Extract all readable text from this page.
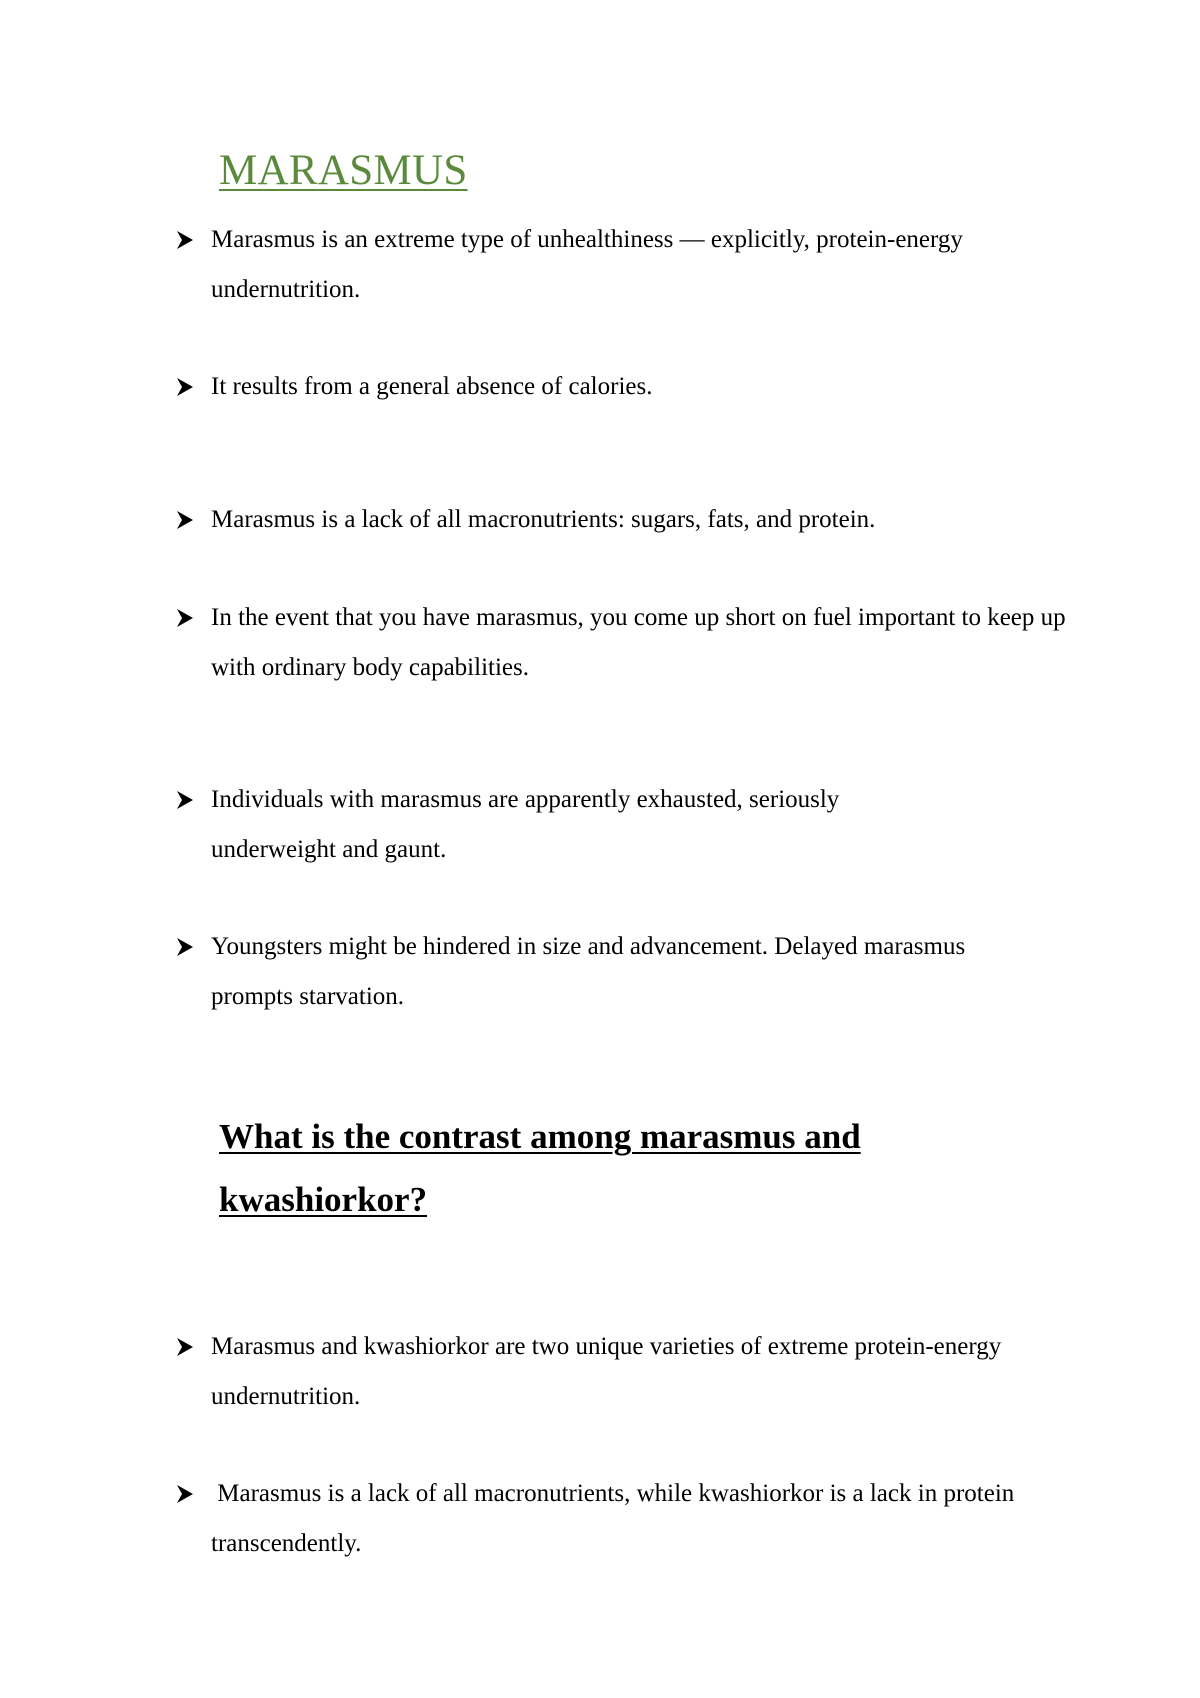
MARASMUS
Marasmus is an extreme type of unhealthiness — explicitly, protein-energy undernutrition.
It results from a general absence of calories.
Marasmus is a lack of all macronutrients: sugars, fats, and protein.
In the event that you have marasmus, you come up short on fuel important to keep up with ordinary body capabilities.
Individuals with marasmus are apparently exhausted, seriously underweight and gaunt.
Youngsters might be hindered in size and advancement. Delayed marasmus prompts starvation.
What is the contrast among marasmus and kwashiorkor?
Marasmus and kwashiorkor are two unique varieties of extreme protein-energy undernutrition.
Marasmus is a lack of all macronutrients, while kwashiorkor is a lack in protein transcendently.
